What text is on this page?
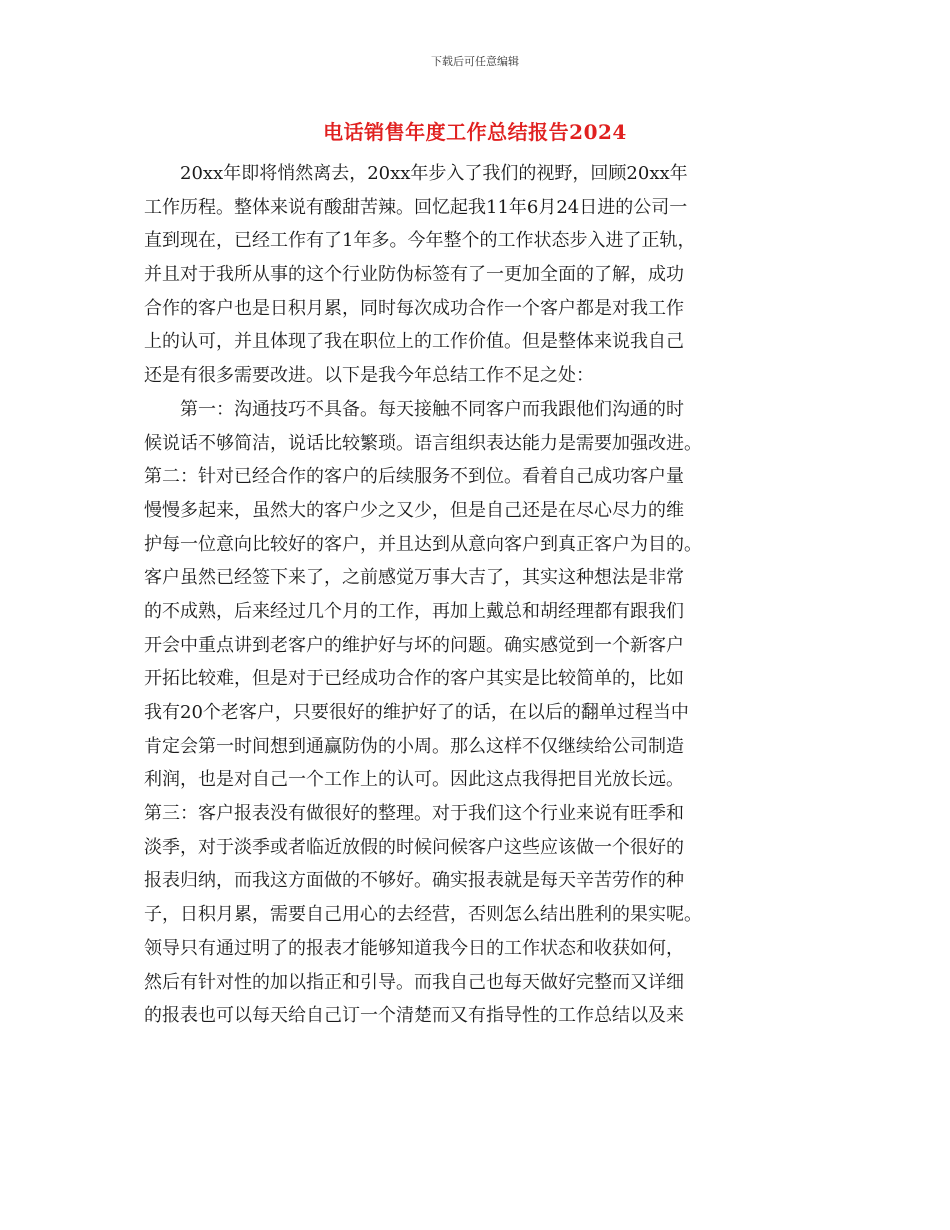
下载后可任意编辑
电话销售年度工作总结报告2024
　　20xx年即将悄然离去，20xx年步入了我们的视野，回顾20xx年
工作历程。整体来说有酸甜苦辣。回忆起我11年6月24日进的公司一
直到现在，已经工作有了1年多。今年整个的工作状态步入进了正轨，
并且对于我所从事的这个行业防伪标签有了一更加全面的了解，成功
合作的客户也是日积月累，同时每次成功合作一个客户都是对我工作
上的认可，并且体现了我在职位上的工作价值。但是整体来说我自己
还是有很多需要改进。以下是我今年总结工作不足之处：
　　第一：沟通技巧不具备。每天接触不同客户而我跟他们沟通的时
候说话不够简洁，说话比较繁琐。语言组织表达能力是需要加强改进。
第二：针对已经合作的客户的后续服务不到位。看着自己成功客户量
慢慢多起来，虽然大的客户少之又少，但是自己还是在尽心尽力的维
护每一位意向比较好的客户，并且达到从意向客户到真正客户为目的。
客户虽然已经签下来了，之前感觉万事大吉了，其实这种想法是非常
的不成熟，后来经过几个月的工作，再加上戴总和胡经理都有跟我们
开会中重点讲到老客户的维护好与坏的问题。确实感觉到一个新客户
开拓比较难，但是对于已经成功合作的客户其实是比较简单的，比如
我有20个老客户，只要很好的维护好了的话，在以后的翻单过程当中
肯定会第一时间想到通赢防伪的小周。那么这样不仅继续给公司制造
利润，也是对自己一个工作上的认可。因此这点我得把目光放长远。
第三：客户报表没有做很好的整理。对于我们这个行业来说有旺季和
淡季，对于淡季或者临近放假的时候问候客户这些应该做一个很好的
报表归纳，而我这方面做的不够好。确实报表就是每天辛苦劳作的种
子，日积月累，需要自己用心的去经营，否则怎么结出胜利的果实呢。
领导只有通过明了的报表才能够知道我今日的工作状态和收获如何，
然后有针对性的加以指正和引导。而我自己也每天做好完整而又详细
的报表也可以每天给自己订一个清楚而又有指导性的工作总结以及来
